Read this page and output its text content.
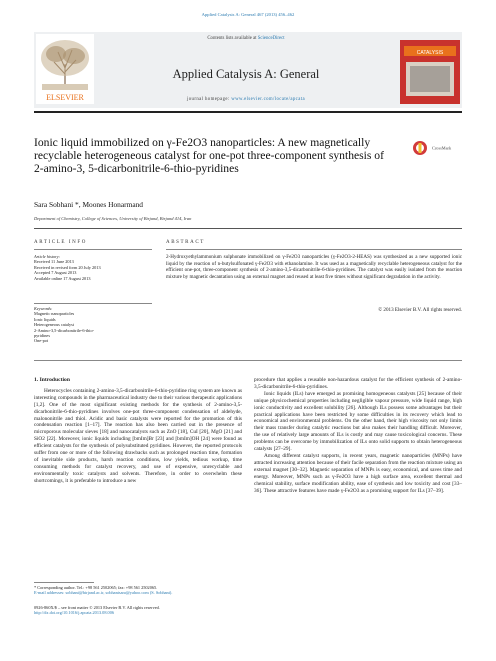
Applied Catalysis A: General 467 (2013) 456–462
ELSEVIER
Contents lists available at ScienceDirect
Applied Catalysis A: General
journal homepage: www.elsevier.com/locate/apcata
CATALYSIS
Ionic liquid immobilized on γ-Fe2O3 nanoparticles: A new magnetically recyclable heterogeneous catalyst for one-pot three-component synthesis of 2-amino-3, 5-dicarbonitrile-6-thio-pyridines
CrossMark
Sara Sobhani *, Moones Honarmand
Department of Chemistry, College of Sciences, University of Birjand, Birjand 414, Iran
ARTICLE INFO	ABSTRACT
Article history:
Received 11 June 2013
Received in revised form 20 July 2013
Accepted 7 August 2013
Available online 17 August 2013
Keywords:
Magnetic nanoparticles
Ionic liquids
Heterogeneous catalyst
2-Amino-3,5-dicarbonitrile-6-thio-
pyridines
One-pot
2-Hydroxyethylammonium sulphonate immobilized on γ-Fe2O3 nanoparticles (γ-Fe2O3-2-HEAS) was synthesized as a new supported ionic liquid by the reaction of n-butylsulfonated γ-Fe2O3 with ethanolamine. It was used as a magnetically recyclable heterogeneous catalyst for the efficient one-pot, three-component synthesis of 2-amino-3,5-dicarbonitrile-6-thio-pyridines. The catalyst was easily isolated from the reaction mixture by magnetic decantation using an external magnet and reused at least five times without significant degradation in the activity.
© 2013 Elsevier B.V. All rights reserved.
1. Introduction

Heterocycles containing 2-amino-3,5-dicarbonitrile-6-thio-pyridine ring system are known as interesting compounds in the pharmaceutical industry due to their various therapeutic applications [1,2]. One of the most significant existing methods for the synthesis of 2-amino-3,5-dicarbonitrile-6-thio-pyridines involves one-pot three-component condensation of aldehyde, malononitrile and thiol. Acidic and basic catalysts were reported for the promotion of this condensation reaction [1–17]. The reaction has also been carried out in the presence of microporous molecular sieves [18] and nanocatalysts such as ZnO [18], CuI [20], MgO [21] and SiO2 [22]. Moreover, ionic liquids including [bmIm]Br [23] and [bmIm]OH [24] were found as efficient catalysts for the synthesis of polysubstituted pyridines. However, the reported protocols suffer from one or more of the following drawbacks such as prolonged reaction time, formation of inevitable side products, harsh reaction conditions, low yields, tedious workup, time consuming methods for catalyst recovery, and use of expensive, unrecyclable and environmentally toxic catalysts and solvents. Therefore, in order to overwhelm these shortcomings, it is preferable to introduce a new

procedure that applies a reusable non-hazardous catalyst for the efficient synthesis of 2-amino-3,5-dicarbonitrile-6-thio-pyridines.

Ionic liquids (ILs) have emerged as promising homogeneous catalysts [25] because of their unique physicochemical properties including negligible vapour pressure, wide liquid range, high ionic conductivity and excellent solubility [26]. Although ILs possess some advantages but their practical applications have been restricted by some difficulties in its recovery which lead to economical and environmental problems. On the other hand, their high viscosity not only limits their mass transfer during catalytic reactions but also makes their handling difficult. Moreover, the use of relatively large amounts of ILs is costly and may cause toxicological concerns. These problems can be overcome by immobilization of ILs onto solid supports to obtain heterogeneous catalysts [27–29].

Among different catalyst supports, in recent years, magnetic nanoparticles (MNPs) have attracted increasing attention because of their facile separation from the reaction mixture using an external magnet [30–32]. Magnetic separation of MNPs is easy, economical, and saves time and energy. Moreover, MNPs such as γ-Fe2O3 have a high surface area, excellent thermal and chemical stability, surface modification ability, ease of synthesis and low toxicity and cost [33–36]. These attractive features have made γ-Fe2O3 as a promising support for ILs [37–39].

* Corresponding author. Tel.: +98 561 2502065; fax: +98 561 2502065.
E-mail addresses: sobhani@birjand.ac.ir, sobhanisara@yahoo.com (S. Sobhani).
0926-860X/$ – see front matter © 2013 Elsevier B.V. All rights reserved.
http://dx.doi.org/10.1016/j.apcata.2013.08.006
